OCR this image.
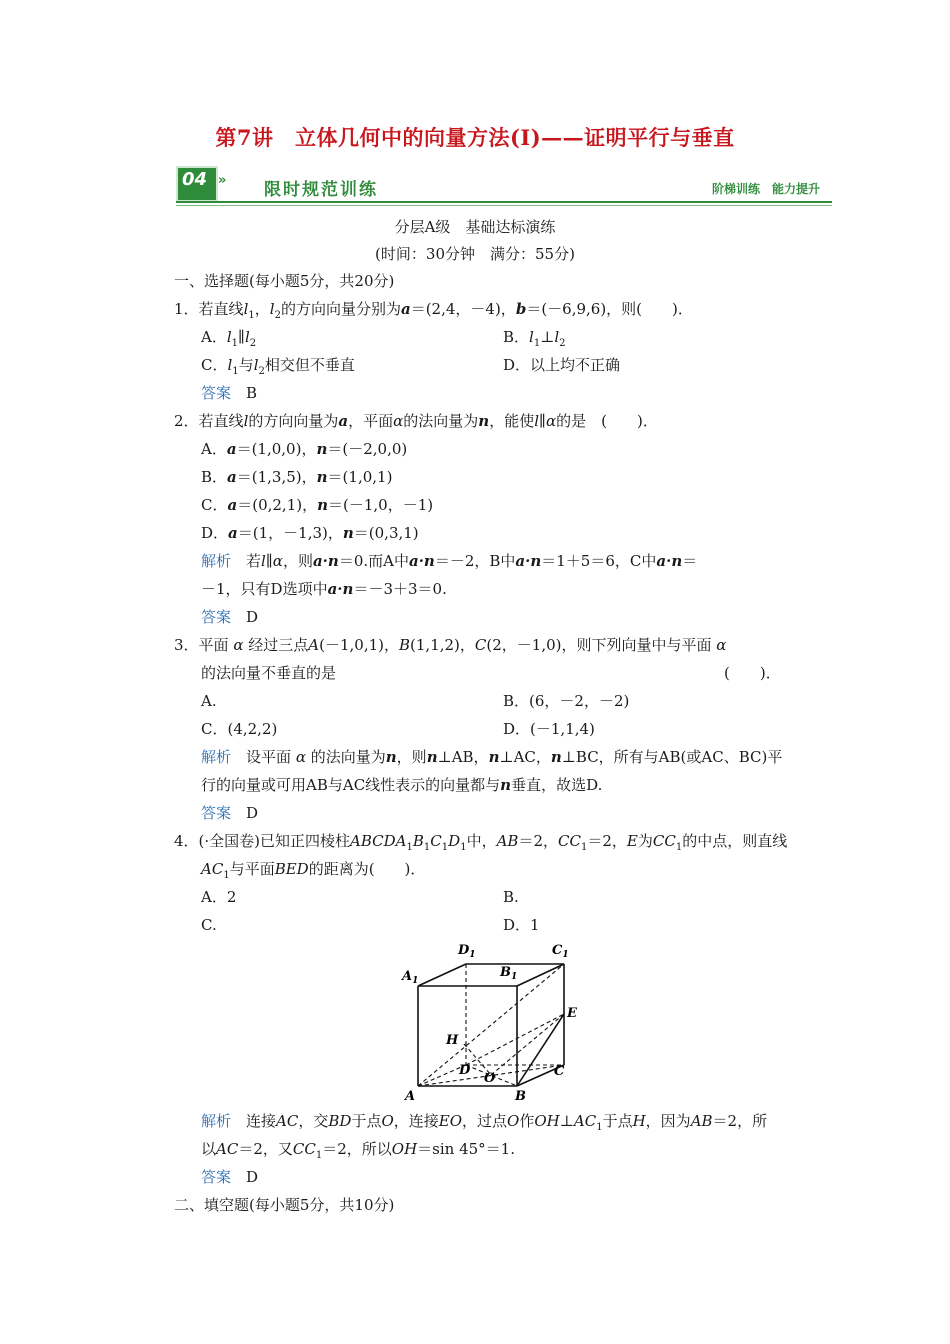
第7讲　立体几何中的向量方法(I)——证明平行与垂直
04 » 限时规范训练	阶梯训练　能力提升
分层A级　基础达标演练
(时间：30分钟　满分：55分)
一、选择题(每小题5分，共20分)
1．若直线$l_1$，$l_2$的方向向量分别为a＝(2,4，－4)，b＝(－6,9,6)，则(　　)．
A．$l_1\parallel l_2$	B．$l_1\perp l_2$
C．$l_1$与$l_2$相交但不垂直	D．以上均不正确
答案　 B
2．若直线l的方向向量为a，平面α的法向量为n，能使l∥α的是　(　　)．
A．a＝(1,0,0)，n＝(－2,0,0)
B．a＝(1,3,5)，n＝(1,0,1)
C．a＝(0,2,1)，n＝(－1,0，－1)
D．a＝(1，－1,3)，n＝(0,3,1)
解析　 若l∥α，则a·n＝0.而A中a·n＝－2，B中a·n＝1＋5＝6，C中a·n＝
－1，只有D选项中a·n＝－3＋3＝0.
答案　 D
3．平面 α 经过三点A(－1,0,1)，B(1,1,2)，C(2，－1,0)，则下列向量中与平面 α
的法向量不垂直的是	(　　)．
A.	B．(6，－2，－2)
C．(4,2,2)	D．(－1,1,4)
解析　 设平面 α 的法向量为n，则n⊥AB，n⊥AC，n⊥BC，所有与AB(或AC、BC)平
行的向量或可用AB与AC线性表示的向量都与n垂直，故选D.
答案　 D
4．(·全国卷)已知正四棱柱$ABCDA_1B_1C_1D_1$中，AB＝2，$CC_1=2$，E为$CC_1$的中点，则直线
$AC_1$与平面BED的距离为(　　)．
A．2	B.
C.	D．1
$A_1$
$D_1$
$B_1$
$C_1$
E
H
D
O	C
A	B
解析　 连接AC，交BD于点O，连接EO，过点O作$OH\perp AC_1$于点H，因为AB＝2，所
以AC＝2，又$CC_1=2$，所以OH＝sin 45°＝1.
答案　 D
二、填空题(每小题5分，共10分)
